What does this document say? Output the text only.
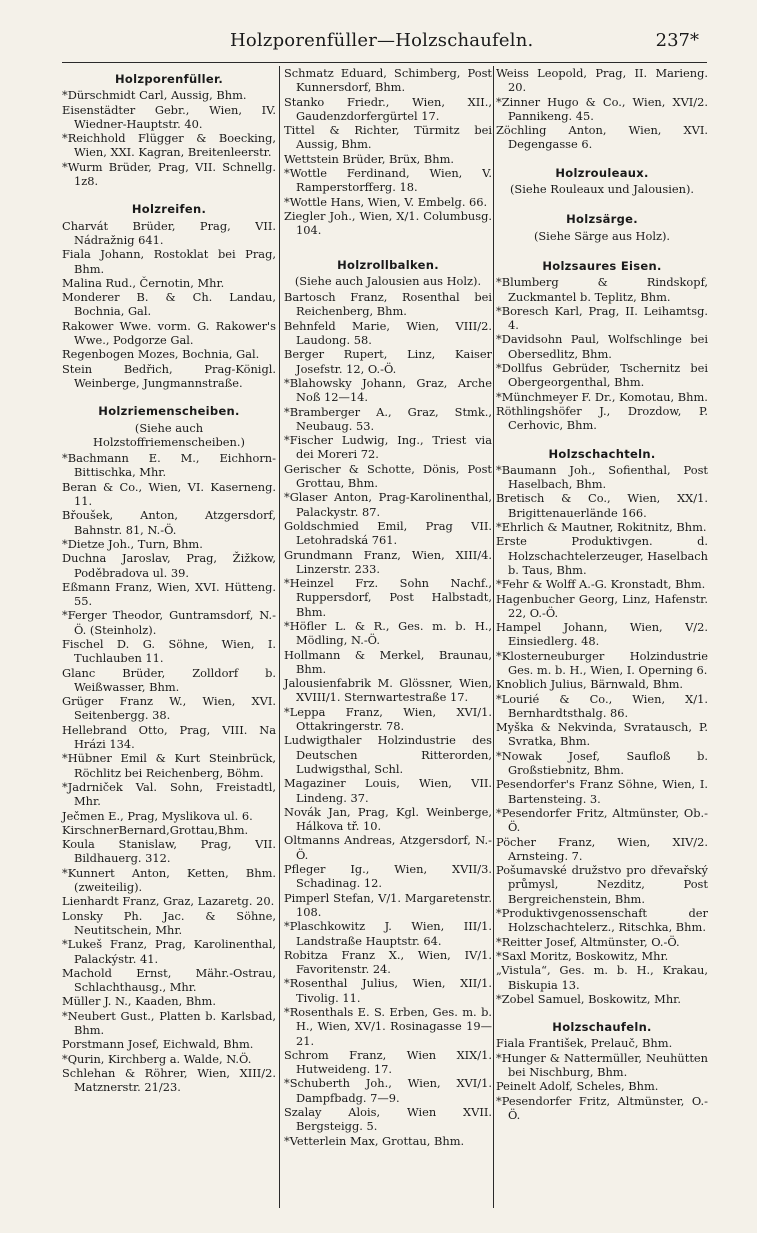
Holzporenfüller—Holzschaufeln.	237*
Holzporenfüller.

*Dürschmidt Carl, Aussig, Bhm.

Eisenstädter Gebr., Wien, IV. Wiedner-Hauptstr. 40.

*Reichhold Flügger & Boecking, Wien, XXI. Kagran, Breitenleerstr.

*Wurm Brüder, Prag, VII. Schnellg. 1z8.

Holzreifen.

Charvát Brüder, Prag, VII. Nádražnig 641.

Fiala Johann, Rostoklat bei Prag, Bhm.

Malina Rud., Černotin, Mhr.

Monderer B. & Ch. Landau, Bochnia, Gal.

Rakower Wwe. vorm. G. Rakower's Wwe., Podgorze Gal.

Regenbogen Mozes, Bochnia, Gal.

Stein Bedřich, Prag-Königl. Weinberge, Jungmannstraße.

Holzriemenscheiben.

(Siehe auch Holzstoffriemenscheiben.)

*Bachmann E. M., Eichhorn-Bittischka, Mhr.

Beran & Co., Wien, VI. Kaserneng. 11.

Břoušek, Anton, Atzgersdorf, Bahnstr. 81, N.-Ö.

*Dietze Joh., Turn, Bhm.

Duchna Jaroslav, Prag, Žižkow, Poděbradova ul. 39.

Eßmann Franz, Wien, XVI. Hütteng. 55.

*Ferger Theodor, Guntramsdorf, N.-Ö. (Steinholz).

Fischel D. G. Söhne, Wien, I. Tuchlauben 11.

Glanc Brüder, Zolldorf b. Weißwasser, Bhm.

Grüger Franz W., Wien, XVI. Seitenbergg. 38.

Hellebrand Otto, Prag, VIII. Na Hrázi 134.

*Hübner Emil & Kurt Steinbrück, Röchlitz bei Reichenberg, Böhm.

*Jadrniček Val. Sohn, Freistadtl, Mhr.

Ječmen E., Prag, Myslikova ul. 6.

KirschnerBernard,Grottau,Bhm.

Koula Stanislaw, Prag, VII. Bildhauerg. 312.

*Kunnert Anton, Ketten, Bhm. (zweiteilig).

Lienhardt Franz, Graz, Lazaretg. 20.

Lonsky Ph. Jac. & Söhne, Neutitschein, Mhr.

*Lukeš Franz, Prag, Karolinenthal, Palackýstr. 41.

Machold Ernst, Mähr.-Ostrau, Schlachthausg., Mhr.

Müller J. N., Kaaden, Bhm.

*Neubert Gust., Platten b. Karlsbad, Bhm.

Porstmann Josef, Eichwald, Bhm.

*Qurin, Kirchberg a. Walde, N.Ö.

Schlehan & Röhrer, Wien, XIII/2. Matznerstr. 21/23.

Schmatz Eduard, Schimberg, Post Kunnersdorf, Bhm.

Stanko Friedr., Wien, XII., Gaudenzdorfergürtel 17.

Tittel & Richter, Türmitz bei Aussig, Bhm.

Wettstein Brüder, Brüx, Bhm.

*Wottle Ferdinand, Wien, V. Ramperstorfferg. 18.

*Wottle Hans, Wien, V. Embelg. 66.

Ziegler Joh., Wien, X/1. Columbusg. 104.

Holzrollbalken.

(Siehe auch Jalousien aus Holz).

Bartosch Franz, Rosenthal bei Reichenberg, Bhm.

Behnfeld Marie, Wien, VIII/2. Laudong. 58.

Berger Rupert, Linz, Kaiser Josefstr. 12, O.-Ö.

*Blahowsky Johann, Graz, Arche Noß 12—14.

*Bramberger A., Graz, Stmk., Neubaug. 53.

*Fischer Ludwig, Ing., Triest via dei Moreri 72.

Gerischer & Schotte, Dönis, Post Grottau, Bhm.

*Glaser Anton, Prag-Karolinenthal, Palackystr. 87.

Goldschmied Emil, Prag VII. Letohradská 761.

Grundmann Franz, Wien, XIII/4. Linzerstr. 233.

*Heinzel Frz. Sohn Nachf., Ruppersdorf, Post Halbstadt, Bhm.

*Höfler L. & R., Ges. m. b. H., Mödling, N.-Ö.

Hollmann & Merkel, Braunau, Bhm.

Jalousienfabrik M. Glössner, Wien, XVIII/1. Sternwartestraße 17.

*Leppa Franz, Wien, XVI/1. Ottakringerstr. 78.

Ludwigthaler Holzindustrie des Deutschen Ritterorden, Ludwigsthal, Schl.

Magaziner Louis, Wien, VII. Lindeng. 37.

Novák Jan, Prag, Kgl. Weinberge, Hálkova tř. 10.

Oltmanns Andreas, Atzgersdorf, N.-Ö.

Pfleger Ig., Wien, XVII/3. Schadinag. 12.

Pimperl Stefan, V/1. Margaretenstr. 108.

*Plaschkowitz J. Wien, III/1. Landstraße Hauptstr. 64.

Robitza Franz X., Wien, IV/1. Favoritenstr. 24.

*Rosenthal Julius, Wien, XII/1. Tivolig. 11.

*Rosenthals E. S. Erben, Ges. m. b. H., Wien, XV/1. Rosinagasse 19—21.

Schrom Franz, Wien XIX/1. Hutweideng. 17.

*Schuberth Joh., Wien, XVI/1. Dampfbadg. 7—9.

Szalay Alois, Wien XVII. Bergsteigg. 5.

*Vetterlein Max, Grottau, Bhm.

Weiss Leopold, Prag, II. Marieng. 20.

*Zinner Hugo & Co., Wien, XVI/2. Pannikeng. 45.

Zöchling Anton, Wien, XVI. Degengasse 6.

Holzrouleaux.

(Siehe Rouleaux und Jalousien).

Holzsärge.

(Siehe Särge aus Holz).

Holzsaures Eisen.

*Blumberg & Rindskopf, Zuckmantel b. Teplitz, Bhm.

*Boresch Karl, Prag, II. Leihamtsg. 4.

*Davidsohn Paul, Wolfschlinge bei Obersedlitz, Bhm.

*Dollfus Gebrüder, Tschernitz bei Obergeorgenthal, Bhm.

*Münchmeyer F. Dr., Komotau, Bhm.

Röthlingshöfer J., Drozdow, P. Cerhovic, Bhm.

Holzschachteln.

*Baumann Joh., Sofienthal, Post Haselbach, Bhm.

Bretisch & Co., Wien, XX/1. Brigittenauerlände 166.

*Ehrlich & Mautner, Rokitnitz, Bhm.

Erste Produktivgen. d. Holzschachtelerzeuger, Haselbach b. Taus, Bhm.

*Fehr & Wolff A.-G. Kronstadt, Bhm.

Hagenbucher Georg, Linz, Hafenstr. 22, O.-Ö.

Hampel Johann, Wien, V/2. Einsiedlerg. 48.

*Klosterneuburger Holzindustrie Ges. m. b. H., Wien, I. Operning 6.

Knoblich Julius, Bärnwald, Bhm.

*Lourié & Co., Wien, X/1. Bernhardtsthalg. 86.

Myška & Nekvinda, Svratausch, P. Svratka, Bhm.

*Nowak Josef, Saufloß b. Großstiebnitz, Bhm.

Pesendorfer's Franz Söhne, Wien, I. Bartensteing. 3.

*Pesendorfer Fritz, Altmünster, Ob.-Ö.

Pöcher Franz, Wien, XIV/2. Arnsteing. 7.

Pošumavské družstvo pro dřevařský průmysl, Nezditz, Post Bergreichenstein, Bhm.

*Produktivgenossenschaft der Holzschachtelerz., Ritschka, Bhm.

*Reitter Josef, Altmünster, O.-Ö.

*Saxl Moritz, Boskowitz, Mhr.

„Vistula“, Ges. m. b. H., Krakau, Biskupia 13.

*Zobel Samuel, Boskowitz, Mhr.

Holzschaufeln.

Fiala František, Prelauč, Bhm.

*Hunger & Nattermüller, Neuhütten bei Nischburg, Bhm.

Peinelt Adolf, Scheles, Bhm.

*Pesendorfer Fritz, Altmünster, O.-Ö.
